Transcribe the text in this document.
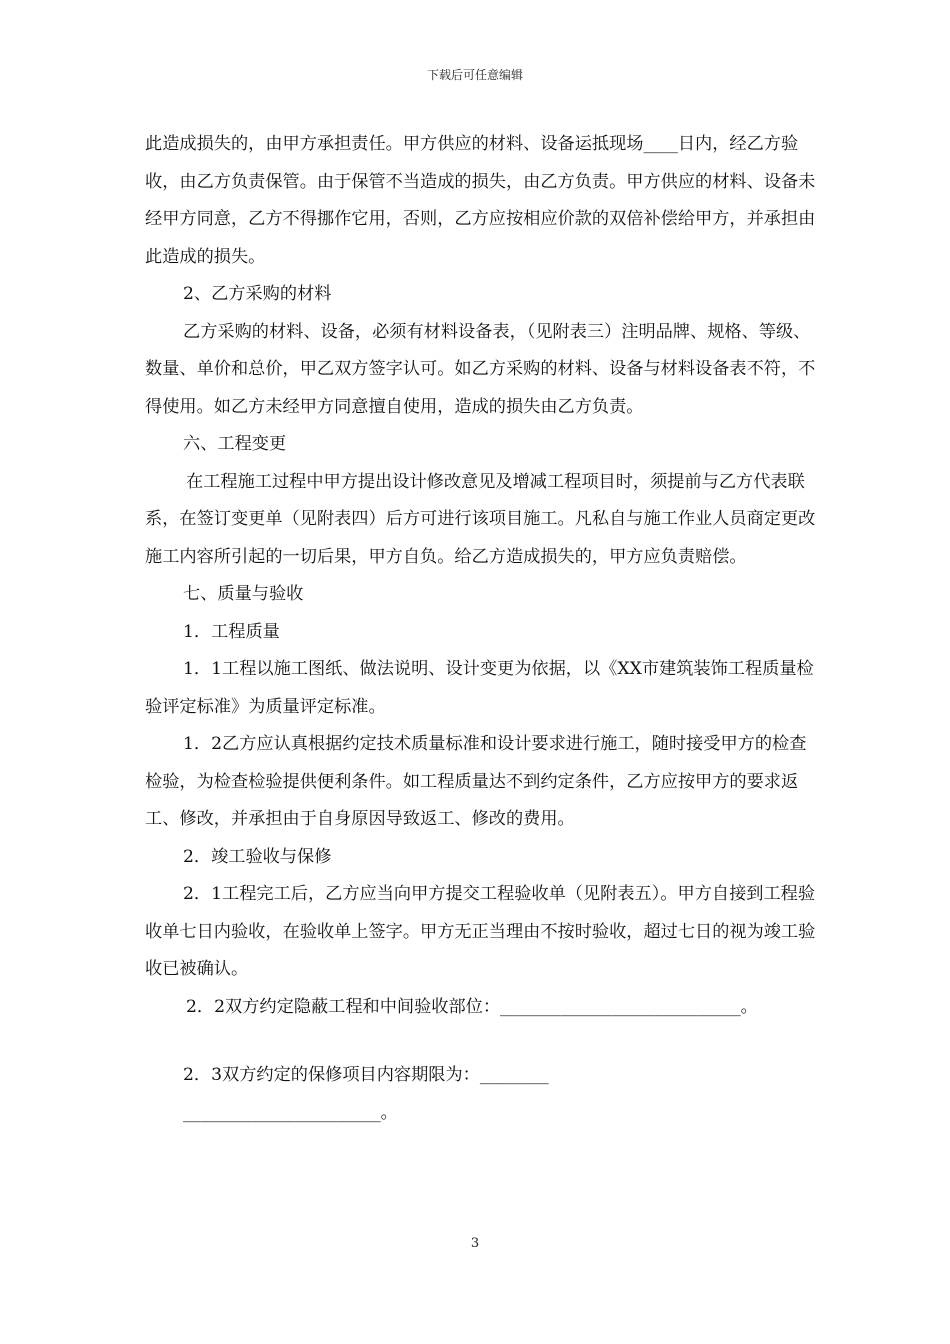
下载后可任意编辑

此造成损失的，由甲方承担责任。甲方供应的材料、设备运抵现场____日内，经乙方验收，由乙方负责保管。由于保管不当造成的损失，由乙方负责。甲方供应的材料、设备未经甲方同意，乙方不得挪作它用，否则，乙方应按相应价款的双倍补偿给甲方，并承担由此造成的损失。

2、乙方采购的材料

乙方采购的材料、设备，必须有材料设备表，（见附表三）注明品牌、规格、等级、数量、单价和总价，甲乙双方签字认可。如乙方采购的材料、设备与材料设备表不符，不得使用。如乙方未经甲方同意擅自使用，造成的损失由乙方负责。

六、工程变更

在工程施工过程中甲方提出设计修改意见及增减工程项目时，须提前与乙方代表联系，在签订变更单（见附表四）后方可进行该项目施工。凡私自与施工作业人员商定更改施工内容所引起的一切后果，甲方自负。给乙方造成损失的，甲方应负责赔偿。

七、质量与验收

1．工程质量

1．1工程以施工图纸、做法说明、设计变更为依据，以《XX市建筑装饰工程质量检验评定标准》为质量评定标准。

1．2乙方应认真根据约定技术质量标准和设计要求进行施工，随时接受甲方的检查检验，为检查检验提供便利条件。如工程质量达不到约定条件，乙方应按甲方的要求返工、修改，并承担由于自身原因导致返工、修改的费用。

2．竣工验收与保修

2．1工程完工后，乙方应当向甲方提交工程验收单（见附表五）。甲方自接到工程验收单七日内验收，在验收单上签字。甲方无正当理由不按时验收，超过七日的视为竣工验收已被确认。

2．2双方约定隐蔽工程和中间验收部位：____________________________。

2．3双方约定的保修项目内容期限为：________

_______________________。

3
